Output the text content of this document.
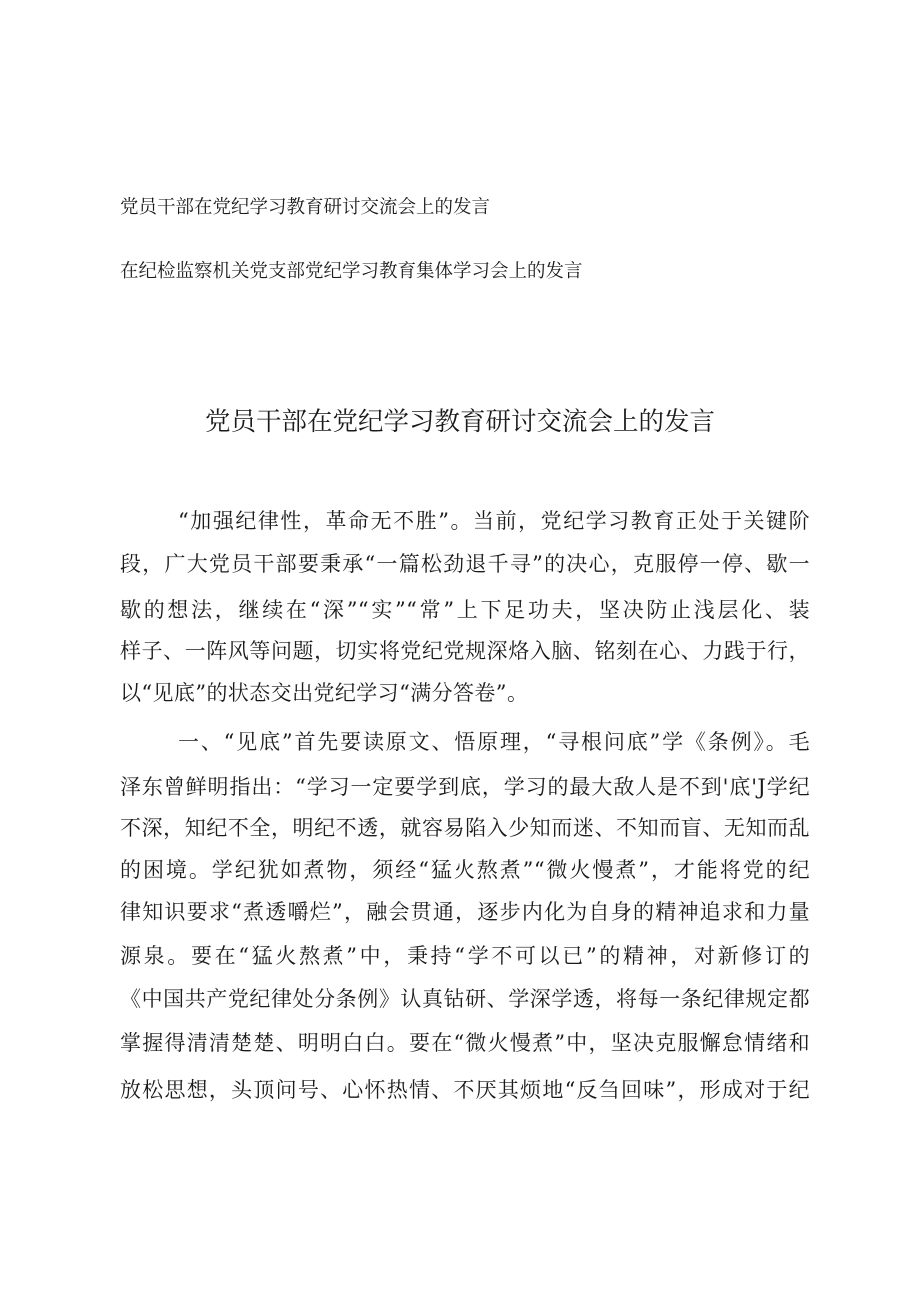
党员干部在党纪学习教育研讨交流会上的发言
在纪检监察机关党支部党纪学习教育集体学习会上的发言
党员干部在党纪学习教育研讨交流会上的发言
“加强纪律性，革命无不胜”。当前，党纪学习教育正处于关键阶
段，广大党员干部要秉承“一篇松劲退千寻”的决心，克服停一停、歇一
歇的想法，继续在“深”“实”“常”上下足功夫，坚决防止浅层化、装
样子、一阵风等问题，切实将党纪党规深烙入脑、铭刻在心、力践于行，
以“见底”的状态交出党纪学习“满分答卷”。
一、“见底”首先要读原文、悟原理，“寻根问底”学《条例》。毛
泽东曾鲜明指出：“学习一定要学到底，学习的最大敌人是不到'底'J学纪
不深，知纪不全，明纪不透，就容易陷入少知而迷、不知而盲、无知而乱
的困境。学纪犹如煮物，须经“猛火熬煮”“微火慢煮”，才能将党的纪
律知识要求“煮透嚼烂”，融会贯通，逐步内化为自身的精神追求和力量
源泉。要在“猛火熬煮”中，秉持“学不可以已”的精神，对新修订的
《中国共产党纪律处分条例》认真钻研、学深学透，将每一条纪律规定都
掌握得清清楚楚、明明白白。要在“微火慢煮”中，坚决克服懈怠情绪和
放松思想，头顶问号、心怀热情、不厌其烦地“反刍回味”，形成对于纪
